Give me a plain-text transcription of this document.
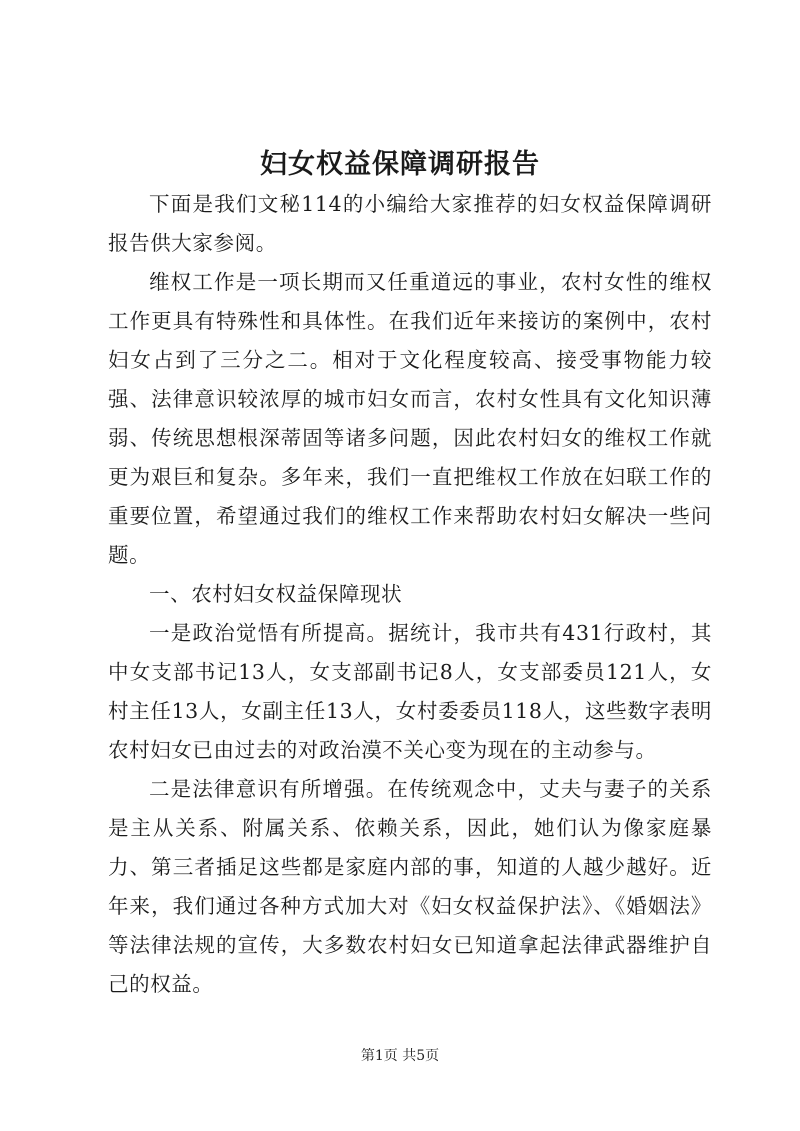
妇女权益保障调研报告

下面是我们文秘114的小编给大家推荐的妇女权益保障调研报告供大家参阅。

维权工作是一项长期而又任重道远的事业，农村女性的维权工作更具有特殊性和具体性。在我们近年来接访的案例中，农村妇女占到了三分之二。相对于文化程度较高、接受事物能力较强、法律意识较浓厚的城市妇女而言，农村女性具有文化知识薄弱、传统思想根深蒂固等诸多问题，因此农村妇女的维权工作就更为艰巨和复杂。多年来，我们一直把维权工作放在妇联工作的重要位置，希望通过我们的维权工作来帮助农村妇女解决一些问题。

一、农村妇女权益保障现状

一是政治觉悟有所提高。据统计，我市共有431行政村，其中女支部书记13人，女支部副书记8人，女支部委员121人，女村主任13人，女副主任13人，女村委委员118人，这些数字表明农村妇女已由过去的对政治漠不关心变为现在的主动参与。

二是法律意识有所增强。在传统观念中，丈夫与妻子的关系是主从关系、附属关系、依赖关系，因此，她们认为像家庭暴力、第三者插足这些都是家庭内部的事，知道的人越少越好。近年来，我们通过各种方式加大对《妇女权益保护法》、《婚姻法》等法律法规的宣传，大多数农村妇女已知道拿起法律武器维护自己的权益。

第1页 共5页
